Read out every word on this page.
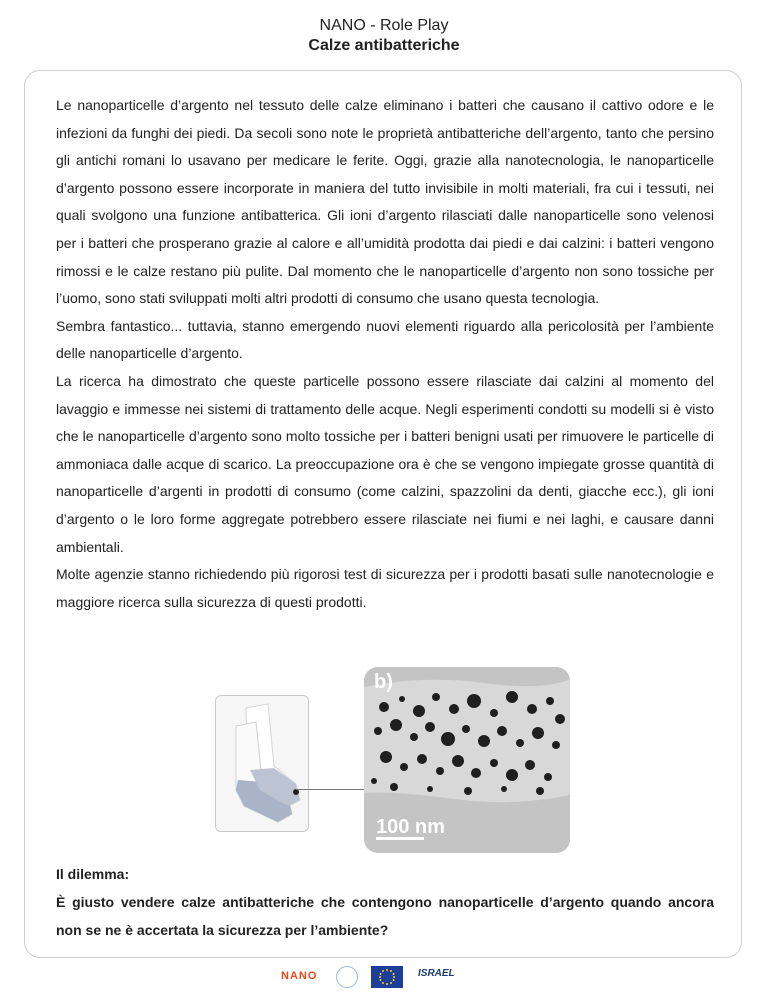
NANO - Role Play
Calze antibatteriche

Le nanoparticelle d’argento nel tessuto delle calze eliminano i batteri che causano il cattivo odore e le infezioni da funghi dei piedi. Da secoli sono note le proprietà antibatteriche dell’argento, tanto che persino gli antichi romani lo usavano per medicare le ferite. Oggi, grazie alla nanotecnologia, le nanoparticelle d’argento possono essere incorporate in maniera del tutto invisibile in molti materiali, fra cui i tessuti, nei quali svolgono una funzione antibatterica. Gli ioni d’argento rilasciati dalle nanoparticelle sono velenosi per i batteri che prosperano grazie al calore e all’umidità prodotta dai piedi e dai calzini: i batteri vengono rimossi e le calze restano più pulite. Dal momento che le nanoparticelle d’argento non sono tossiche per l’uomo, sono stati sviluppati molti altri prodotti di consumo che usano questa tecnologia.

Sembra fantastico... tuttavia, stanno emergendo nuovi elementi riguardo alla pericolosità per l’ambiente delle nanoparticelle d’argento.

La ricerca ha dimostrato che queste particelle possono essere rilasciate dai calzini al momento del lavaggio e immesse nei sistemi di trattamento delle acque. Negli esperimenti condotti su modelli si è visto che le nanoparticelle d’argento sono molto tossiche per i batteri benigni usati per rimuovere le particelle di ammoniaca dalle acque di scarico. La preoccupazione ora è che se vengono impiegate grosse quantità di nanoparticelle d’argenti in prodotti di consumo (come calzini, spazzolini da denti, giacche ecc.), gli ioni d’argento o le loro forme aggregate potrebbero essere rilasciate nei fiumi e nei laghi, e causare danni ambientali.

Molte agenzie stanno richiedendo più rigorosi test di sicurezza per i prodotti basati sulle nanotecnologie e maggiore ricerca sulla sicurezza di questi prodotti.

b)
100 nm

Il dilemma:

È giusto vendere calze antibatteriche che contengono nanoparticelle d’argento quando ancora non se ne è accertata la sicurezza per l’ambiente?

NANO	ISRAEL
